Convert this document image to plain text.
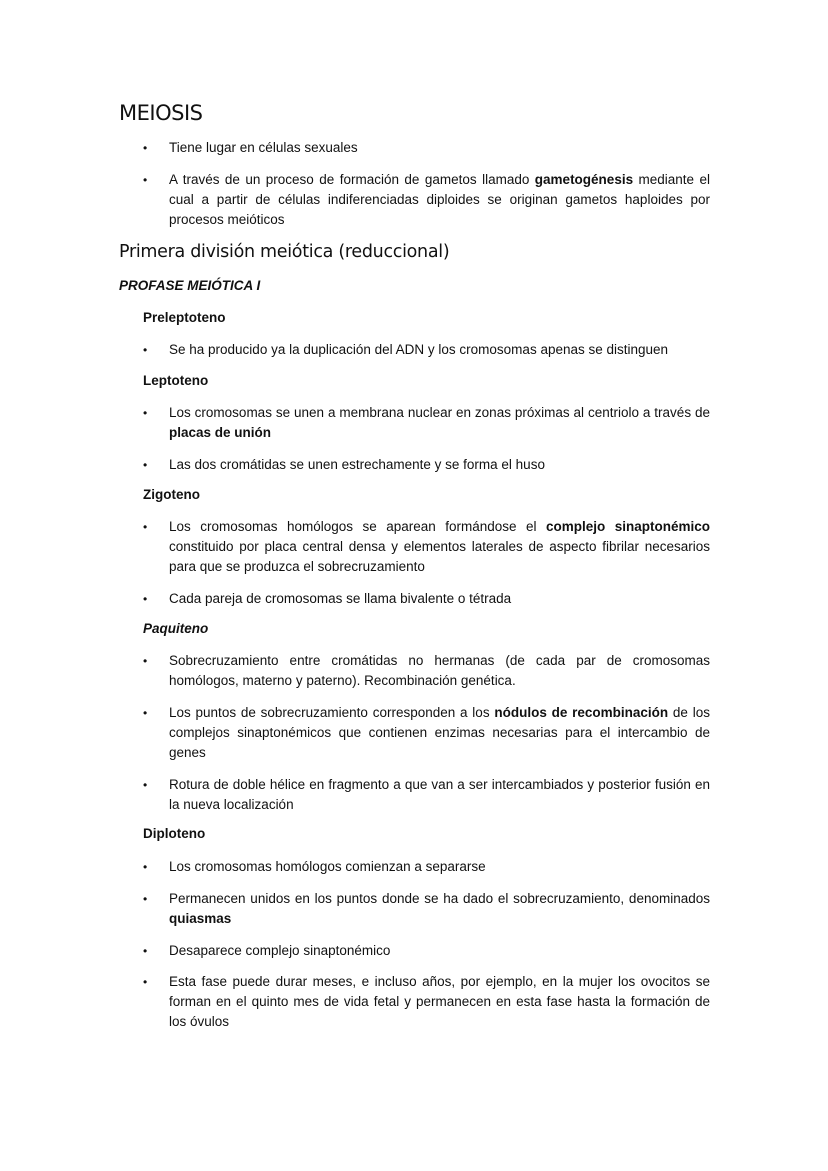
MEIOSIS
• Tiene lugar en células sexuales
• A través de un proceso de formación de gametos llamado gametogénesis mediante el cual a partir de células indiferenciadas diploides se originan gametos haploides por procesos meióticos
Primera división meiótica (reduccional)
PROFASE MEIÓTICA I
Preleptoteno
• Se ha producido ya la duplicación del ADN y los cromosomas apenas se distinguen
Leptoteno
• Los cromosomas se unen a membrana nuclear en zonas próximas al centriolo a través de placas de unión
• Las dos cromátidas se unen estrechamente y se forma el huso
Zigoteno
• Los cromosomas homólogos se aparean formándose el complejo sinaptonémico constituido por placa central densa y elementos laterales de aspecto fibrilar necesarios para que se produzca el sobrecruzamiento
• Cada pareja de cromosomas se llama bivalente o tétrada
Paquiteno
• Sobrecruzamiento entre cromátidas no hermanas (de cada par de cromosomas homólogos, materno y paterno). Recombinación genética.
• Los puntos de sobrecruzamiento corresponden a los nódulos de recombinación de los complejos sinaptonémicos que contienen enzimas necesarias para el intercambio de genes
• Rotura de doble hélice en fragmento a que van a ser intercambiados y posterior fusión en la nueva localización
Diploteno
• Los cromosomas homólogos comienzan a separarse
• Permanecen unidos en los puntos donde se ha dado el sobrecruzamiento, denominados quiasmas
• Desaparece complejo sinaptonémico
• Esta fase puede durar meses, e incluso años, por ejemplo, en la mujer los ovocitos se forman en el quinto mes de vida fetal y permanecen en esta fase hasta la formación de los óvulos
